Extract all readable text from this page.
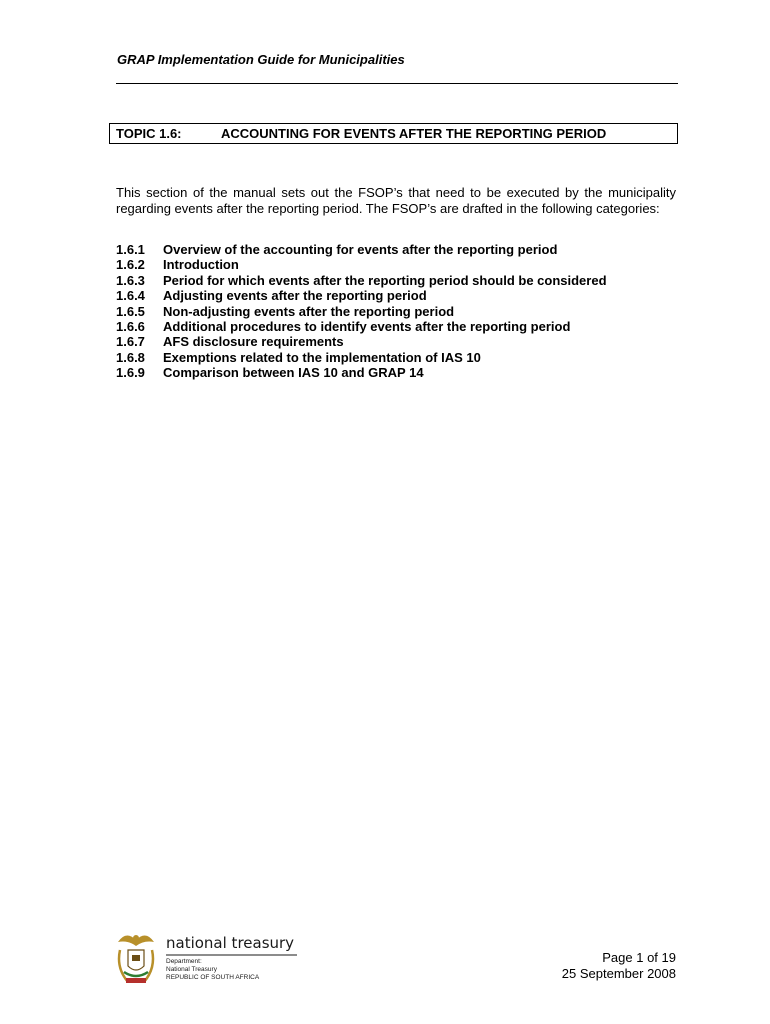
GRAP Implementation Guide for Municipalities
TOPIC 1.6:	ACCOUNTING FOR EVENTS AFTER THE REPORTING PERIOD

This section of the manual sets out the FSOP’s that need to be executed by the municipality regarding events after the reporting period. The FSOP’s are drafted in the following categories:

1.6.1 Overview of the accounting for events after the reporting period
1.6.2 Introduction
1.6.3 Period for which events after the reporting period should be considered
1.6.4 Adjusting events after the reporting period
1.6.5 Non-adjusting events after the reporting period
1.6.6 Additional procedures to identify events after the reporting period
1.6.7 AFS disclosure requirements
1.6.8 Exemptions related to the implementation of IAS 10
1.6.9 Comparison between IAS 10 and GRAP 14
national treasury
Department:
National Treasury
REPUBLIC OF SOUTH AFRICA
Page 1 of 19
25 September 2008
